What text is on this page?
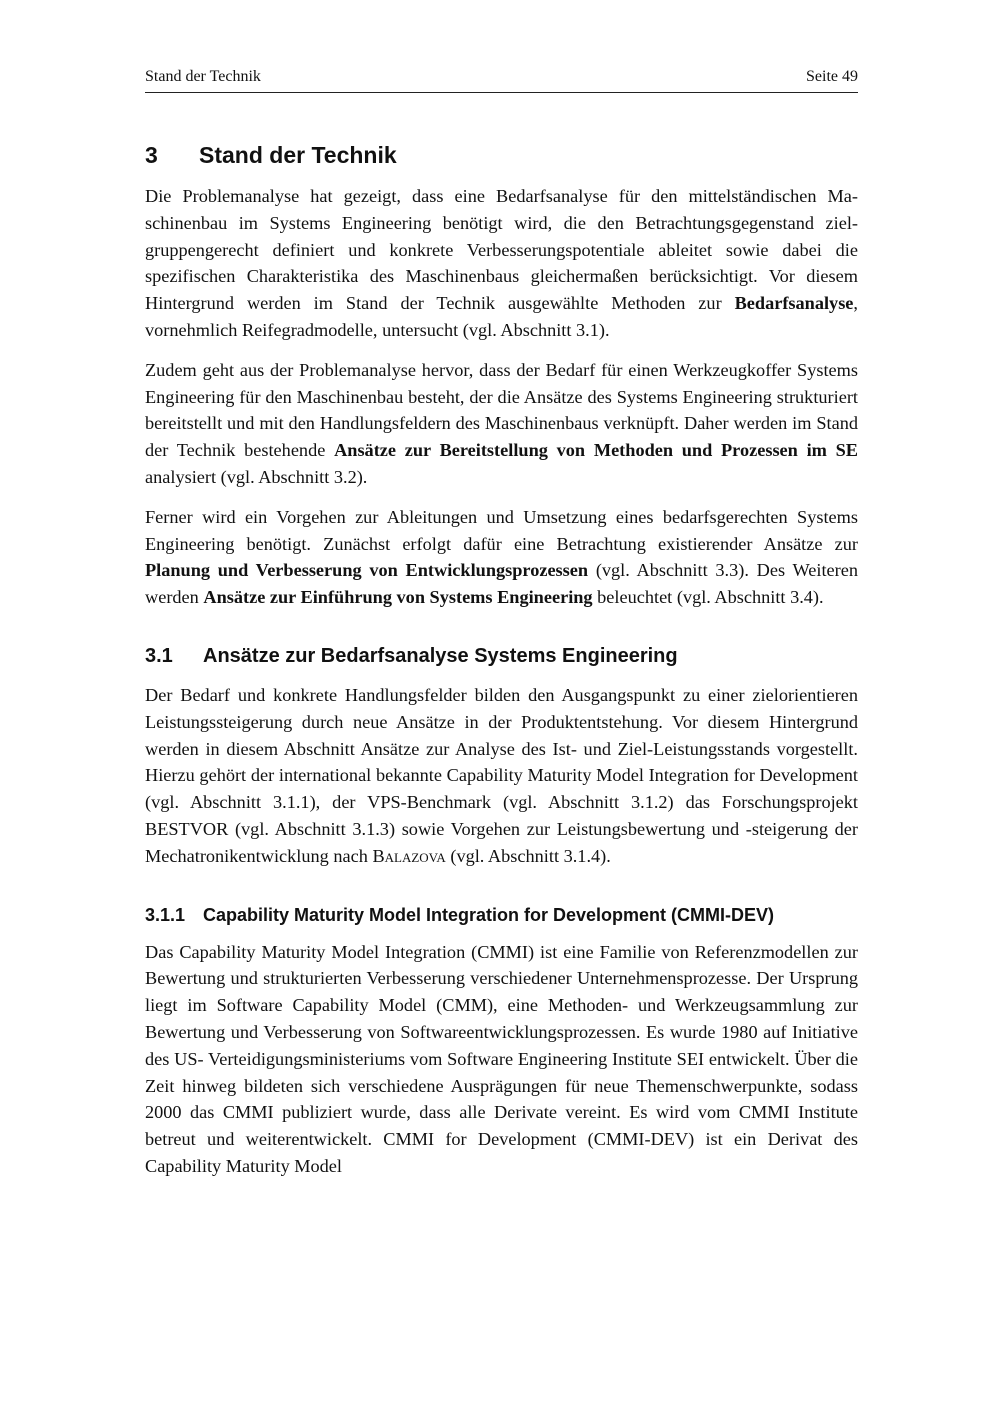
Stand der Technik	Seite 49
3	Stand der Technik

Die Problemanalyse hat gezeigt, dass eine Bedarfsanalyse für den mittelständischen Maschinenbau im Systems Engineering benötigt wird, die den Betrachtungsgegenstand zielgruppengerecht definiert und konkrete Verbesserungspotentiale ableitet sowie dabei die spezifischen Charakteristika des Maschinenbaus gleichermaßen berücksichtigt. Vor diesem Hintergrund werden im Stand der Technik ausgewählte Methoden zur Bedarfsanalyse, vornehmlich Reifegradmodelle, untersucht (vgl. Abschnitt 3.1).

Zudem geht aus der Problemanalyse hervor, dass der Bedarf für einen Werkzeugkoffer Systems Engineering für den Maschinenbau besteht, der die Ansätze des Systems Engineering strukturiert bereitstellt und mit den Handlungsfeldern des Maschinenbaus verknüpft. Daher werden im Stand der Technik bestehende Ansätze zur Bereitstellung von Methoden und Prozessen im SE analysiert (vgl. Abschnitt 3.2).

Ferner wird ein Vorgehen zur Ableitungen und Umsetzung eines bedarfsgerechten Systems Engineering benötigt. Zunächst erfolgt dafür eine Betrachtung existierender Ansätze zur Planung und Verbesserung von Entwicklungsprozessen (vgl. Abschnitt 3.3). Des Weiteren werden Ansätze zur Einführung von Systems Engineering beleuchtet (vgl. Abschnitt 3.4).

3.1	Ansätze zur Bedarfsanalyse Systems Engineering

Der Bedarf und konkrete Handlungsfelder bilden den Ausgangspunkt zu einer zielorientieren Leistungssteigerung durch neue Ansätze in der Produktentstehung. Vor diesem Hintergrund werden in diesem Abschnitt Ansätze zur Analyse des Ist- und Ziel-Leistungsstands vorgestellt. Hierzu gehört der international bekannte Capability Maturity Model Integration for Development (vgl. Abschnitt 3.1.1), der VPS-Benchmark (vgl. Abschnitt 3.1.2) das Forschungsprojekt BESTVOR (vgl. Abschnitt 3.1.3) sowie Vorgehen zur Leistungsbewertung und -steigerung der Mechatronikentwicklung nach Balazova (vgl. Abschnitt 3.1.4).

3.1.1 Capability Maturity Model Integration for Development (CMMI-DEV)

Das Capability Maturity Model Integration (CMMI) ist eine Familie von Referenzmodellen zur Bewertung und strukturierten Verbesserung verschiedener Unternehmensprozesse. Der Ursprung liegt im Software Capability Model (CMM), eine Methoden- und Werkzeugsammlung zur Bewertung und Verbesserung von Softwareentwicklungsprozessen. Es wurde 1980 auf Initiative des US- Verteidigungsministeriums vom Software Engineering Institute SEI entwickelt. Über die Zeit hinweg bildeten sich verschiedene Ausprägungen für neue Themenschwerpunkte, sodass 2000 das CMMI publiziert wurde, dass alle Derivate vereint. Es wird vom CMMI Institute betreut und weiterentwickelt. CMMI for Development (CMMI-DEV) ist ein Derivat des Capability Maturity Model
